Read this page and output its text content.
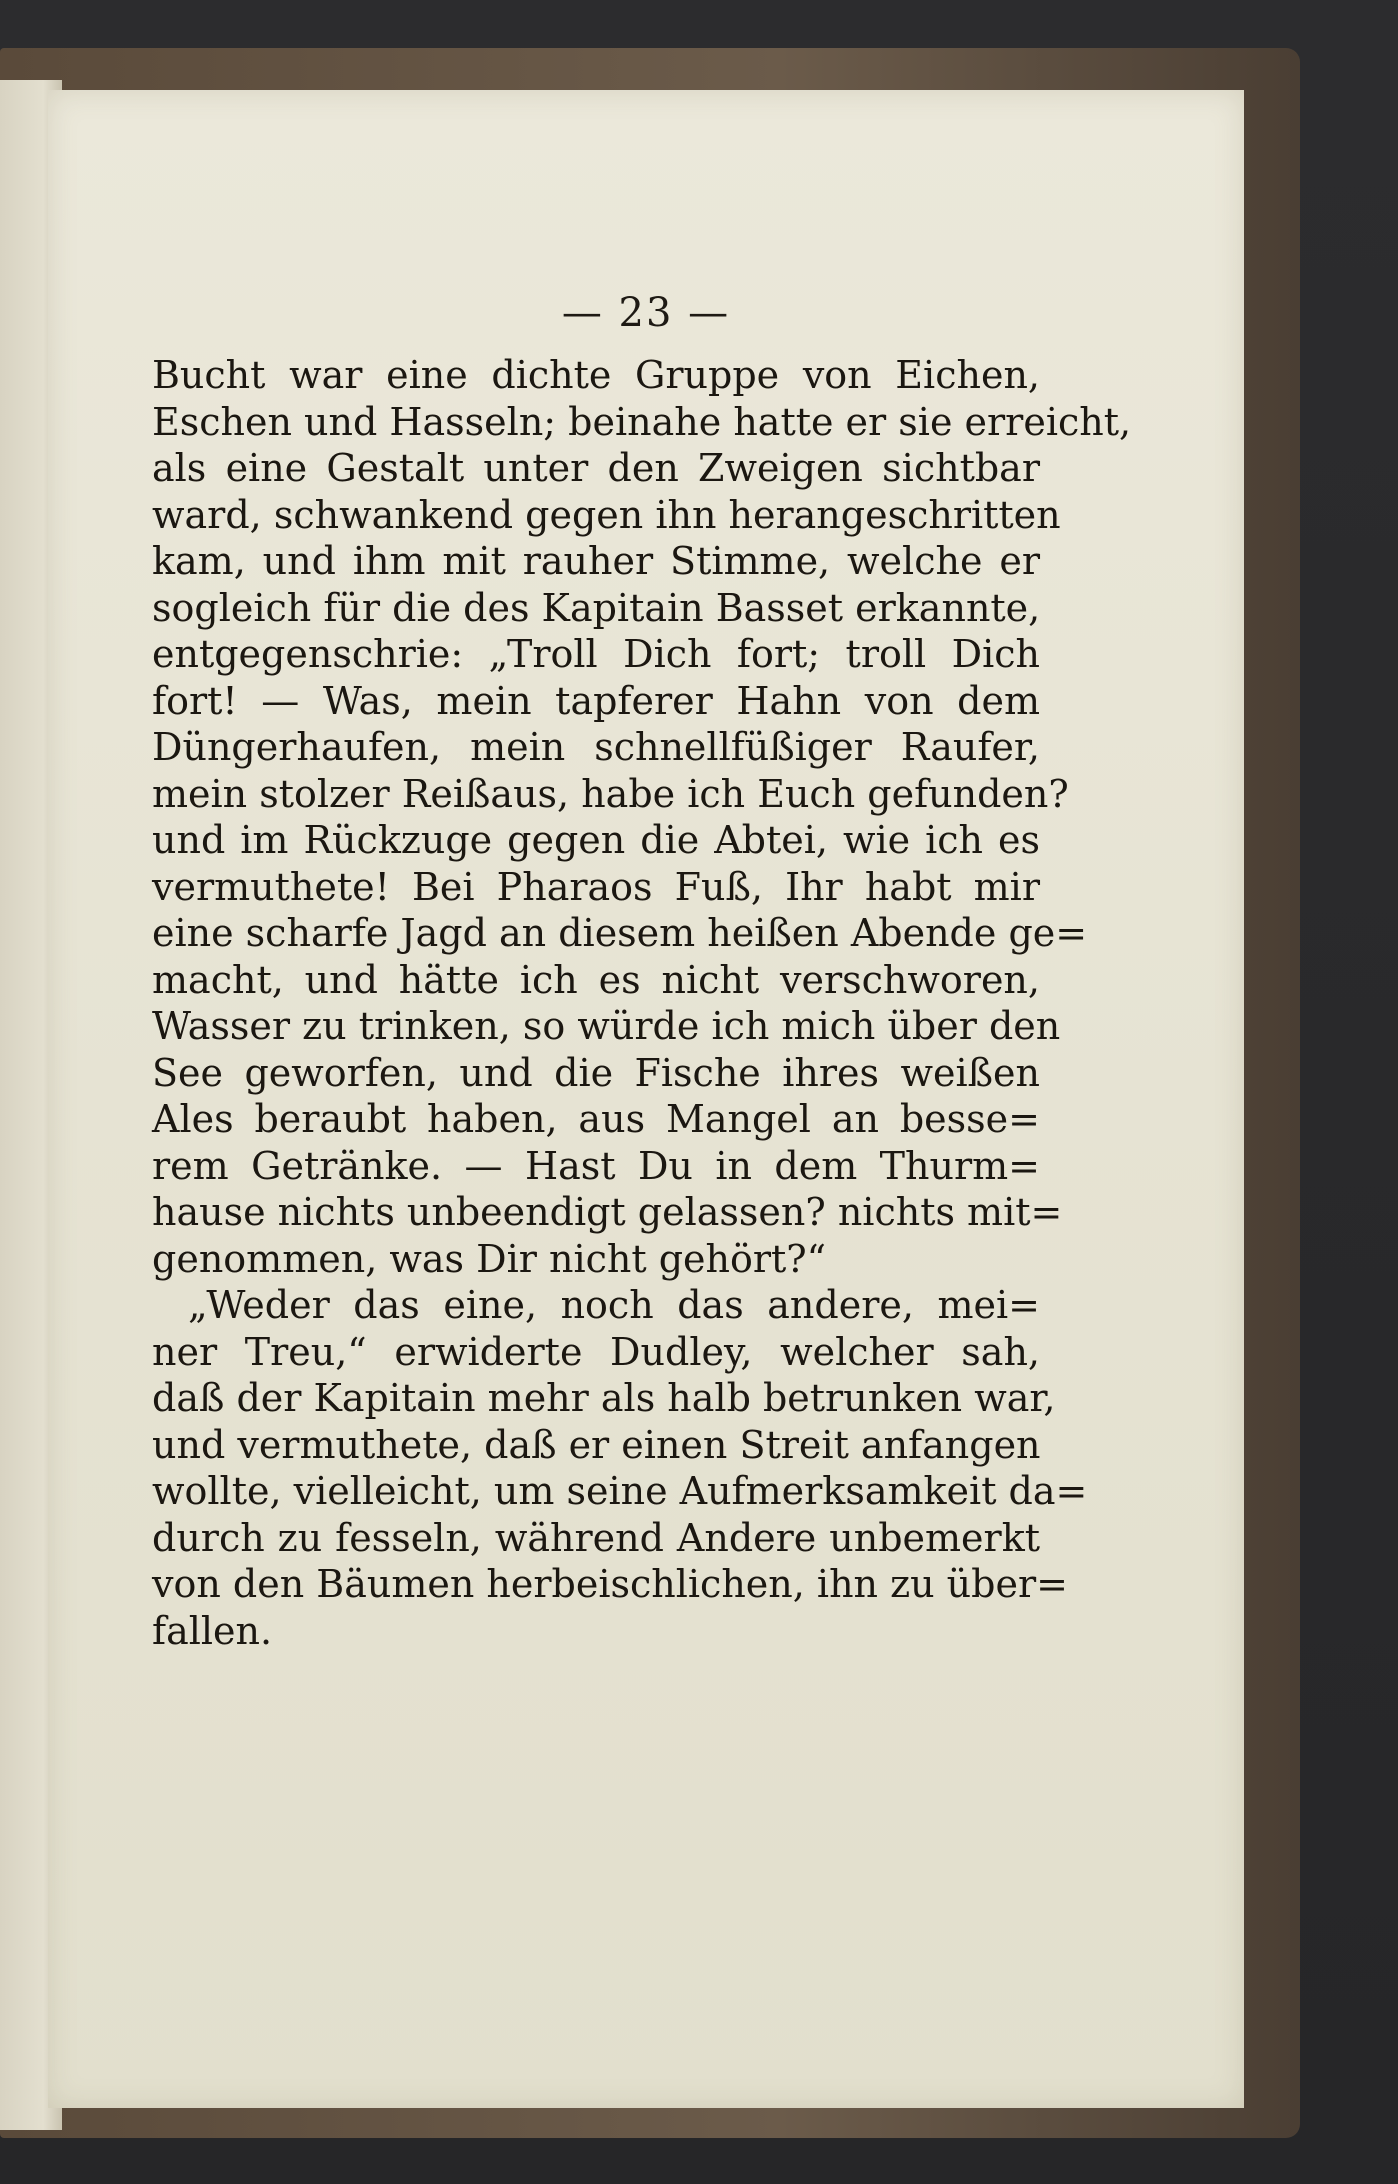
— 23 —
Bucht war eine dichte Gruppe von Eichen,
Eschen und Hasseln; beinahe hatte er sie erreicht,
als eine Gestalt unter den Zweigen sichtbar
ward, schwankend gegen ihn herangeschritten
kam, und ihm mit rauher Stimme, welche er
sogleich für die des Kapitain Basset erkannte,
entgegenschrie: „Troll Dich fort; troll Dich
fort! — Was, mein tapferer Hahn von dem
Düngerhaufen, mein schnellfüßiger Raufer,
mein stolzer Reißaus, habe ich Euch gefunden?
und im Rückzuge gegen die Abtei, wie ich es
vermuthete! Bei Pharaos Fuß, Ihr habt mir
eine scharfe Jagd an diesem heißen Abende ge=
macht, und hätte ich es nicht verschworen,
Wasser zu trinken, so würde ich mich über den
See geworfen, und die Fische ihres weißen
Ales beraubt haben, aus Mangel an besse=
rem Getränke. — Hast Du in dem Thurm=
hause nichts unbeendigt gelassen? nichts mit=
genommen, was Dir nicht gehört?“
„Weder das eine, noch das andere, mei=
ner Treu,“ erwiderte Dudley, welcher sah,
daß der Kapitain mehr als halb betrunken war,
und vermuthete, daß er einen Streit anfangen
wollte, vielleicht, um seine Aufmerksamkeit da=
durch zu fesseln, während Andere unbemerkt
von den Bäumen herbeischlichen, ihn zu über=
fallen.
